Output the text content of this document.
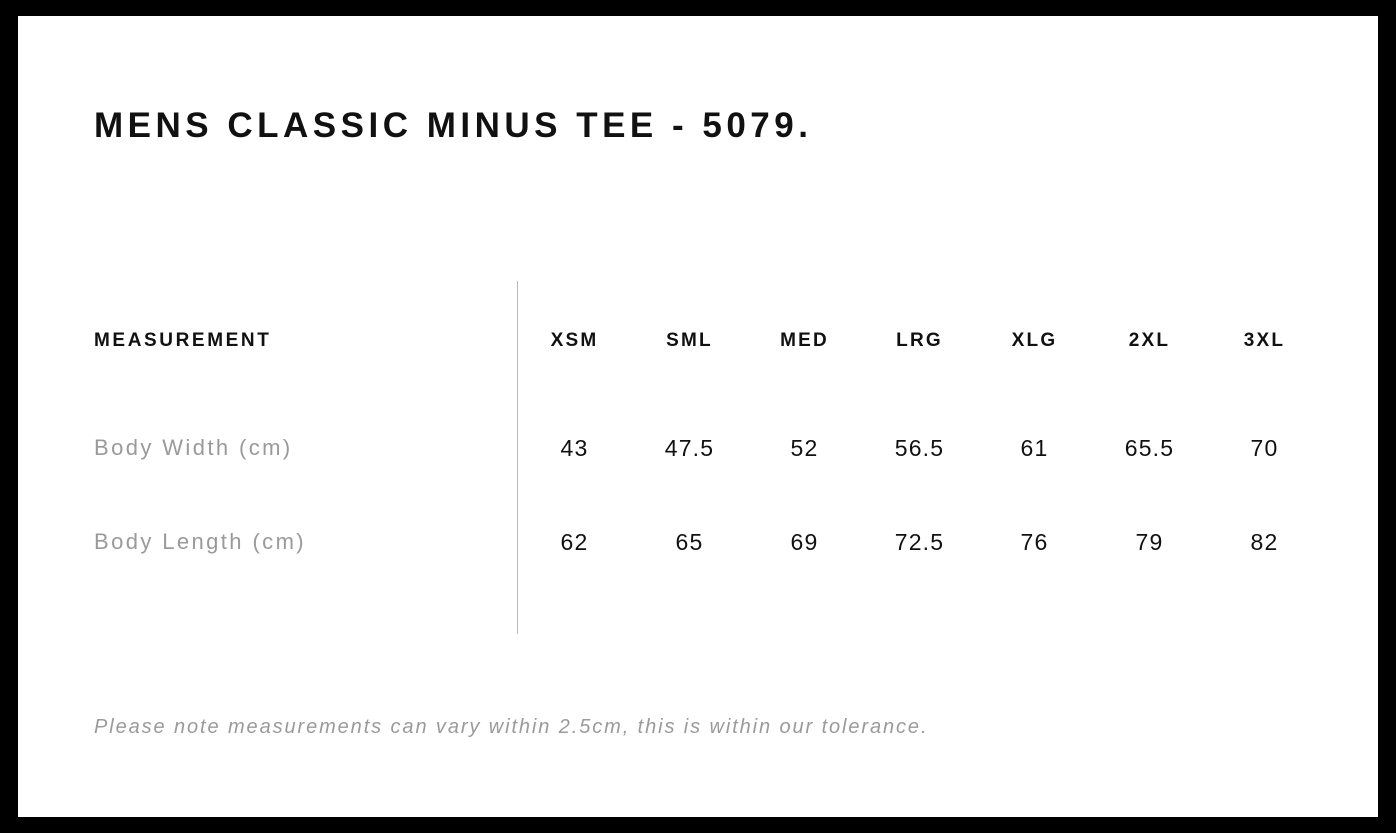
MENS CLASSIC MINUS TEE - 5079.
MEASUREMENT	XSM	SML	MED	LRG	XLG	2XL	3XL
Body Width (cm)	43	47.5	52	56.5	61	65.5	70
Body Length (cm)	62	65	69	72.5	76	79	82
Please note measurements can vary within 2.5cm, this is within our tolerance.
